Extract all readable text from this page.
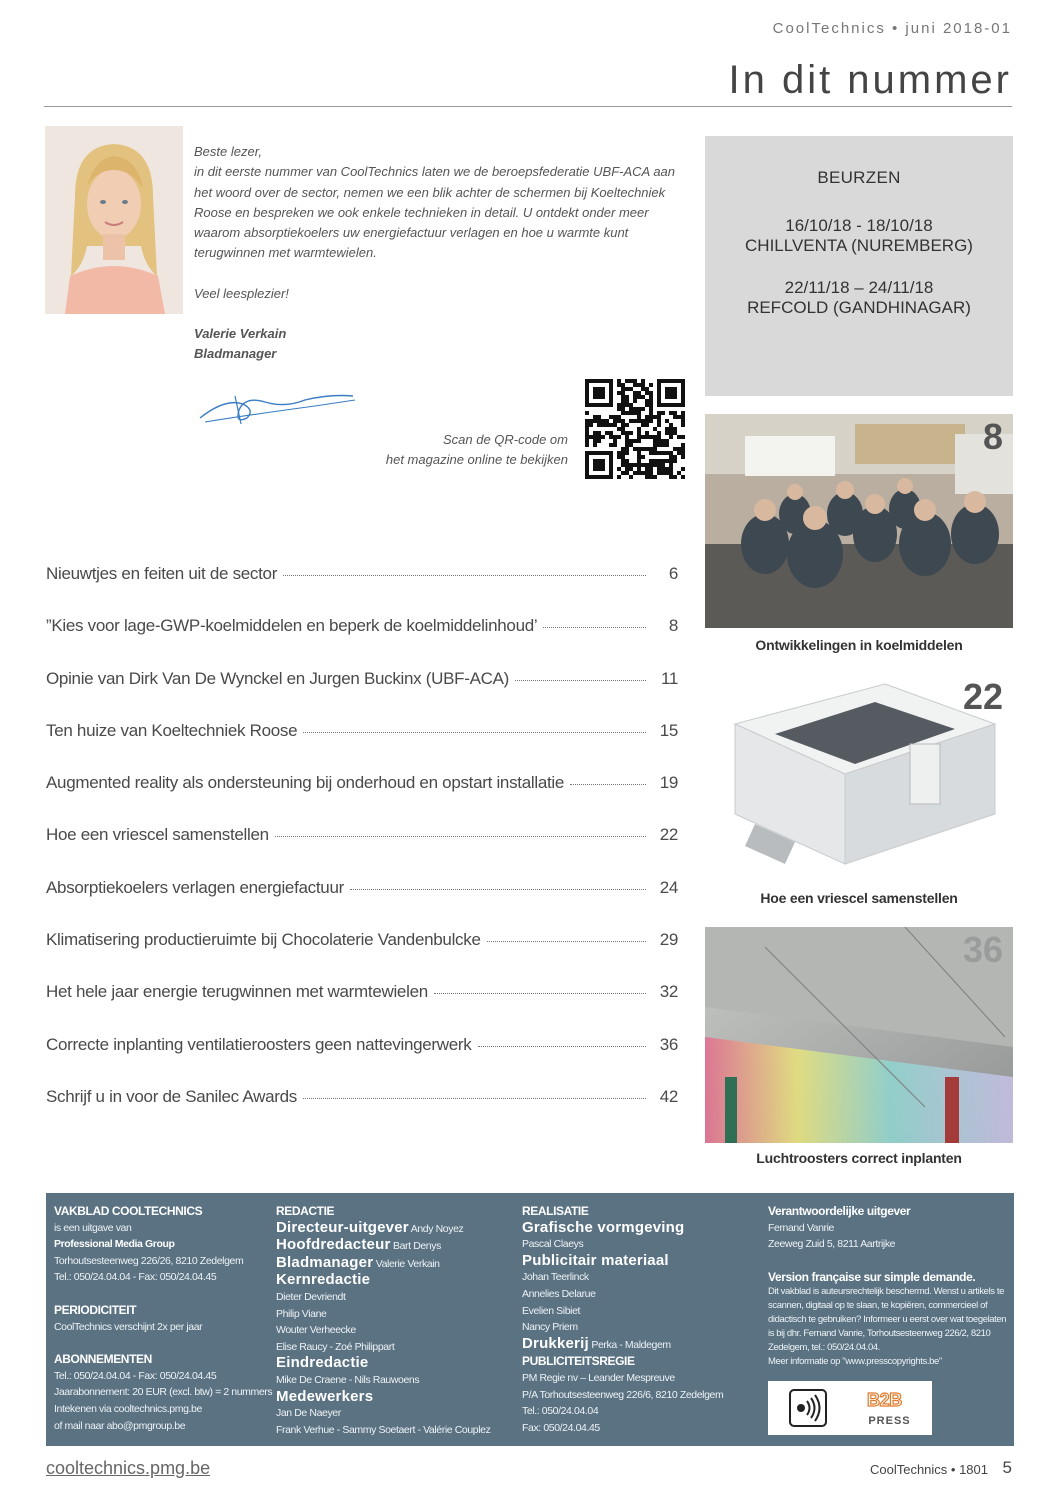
CoolTechnics • juni 2018-01
In dit nummer

Beste lezer,

in dit eerste nummer van CoolTechnics laten we de beroepsfederatie UBF-ACA aan het woord over de sector, nemen we een blik achter de schermen bij Koeltechniek Roose en bespreken we ook enkele technieken in detail. U ontdekt onder meer waarom absorptiekoelers uw energiefactuur verlagen en hoe u warmte kunt terugwinnen met warmtewielen.

Veel leesplezier!

Valerie Verkain

Bladmanager

Scan de QR-code om
het magazine online te bekijken
BEURZEN
16/10/18 - 18/10/18
CHILLVENTA (NUREMBERG)
22/11/18 – 24/11/18
REFCOLD (GANDHINAGAR)
8
Ontwikkelingen in koelmiddelen
22
Hoe een vriescel samenstellen
36
Luchtroosters correct inplanten
Nieuwtjes en feiten uit de sector	6
”Kies voor lage-GWP-koelmiddelen en beperk de koelmiddelinhoud’	8
Opinie van Dirk Van De Wynckel en Jurgen Buckinx (UBF-ACA)	11
Ten huize van Koeltechniek Roose	15
Augmented reality als ondersteuning bij onderhoud en opstart installatie	19
Hoe een vriescel samenstellen	22
Absorptiekoelers verlagen energiefactuur	24
Klimatisering productieruimte bij Chocolaterie Vandenbulcke	29
Het hele jaar energie terugwinnen met warmtewielen	32
Correcte inplanting ventilatieroosters geen nattevingerwerk	36
Schrijf u in voor de Sanilec Awards	42
VAKBLAD COOLTECHNICS
is een uitgave van
Professional Media Group
Torhoutsesteenweg 226/26, 8210 Zedelgem
Tel.: 050/24.04.04 - Fax: 050/24.04.45
PERIODICITEIT
CoolTechnics verschijnt 2x per jaar
ABONNEMENTEN
Tel.: 050/24.04.04 - Fax: 050/24.04.45
Jaarabonnement: 20 EUR (excl. btw) = 2 nummers
Intekenen via cooltechnics.pmg.be
of mail naar abo@pmgroup.be
REDACTIE
Directeur-uitgever Andy Noyez
Hoofdredacteur Bart Denys
Bladmanager Valerie Verkain
Kernredactie
Dieter Devriendt
Philip Viane
Wouter Verheecke
Elise Raucy - Zoé Philippart
Eindredactie
Mike De Craene - Nils Rauwoens
Medewerkers
Jan De Naeyer
Frank Verhue - Sammy Soetaert - Valérie Couplez
REALISATIE
Grafische vormgeving
Pascal Claeys
Publicitair materiaal
Johan Teerlinck
Annelies Delarue
Evelien Sibiet
Nancy Priem
Drukkerij Perka - Maldegem
PUBLICITEITSREGIE
PM Regie nv – Leander Mespreuve
P/A Torhoutsesteenweg 226/6, 8210 Zedelgem
Tel.: 050/24.04.04
Fax: 050/24.04.45
Verantwoordelijke uitgever
Fernand Vanrie
Zeeweg Zuid 5, 8211 Aartrijke
Version française sur simple demande.
Dit vakblad is auteursrechtelijk beschermd. Wenst u artikels te scannen, digitaal op te slaan, te kopiëren, commercieel of didactisch te gebruiken? Informeer u eerst over wat toegelaten is bij dhr. Fernand Vanrie, Torhoutsesteenweg 226/2, 8210 Zedelgem, tel.: 050/24.04.04.
Meer informatie op "www.presscopyrights.be"
B2B
PRESS
cooltechnics.pmg.be	CoolTechnics • 1801 5
